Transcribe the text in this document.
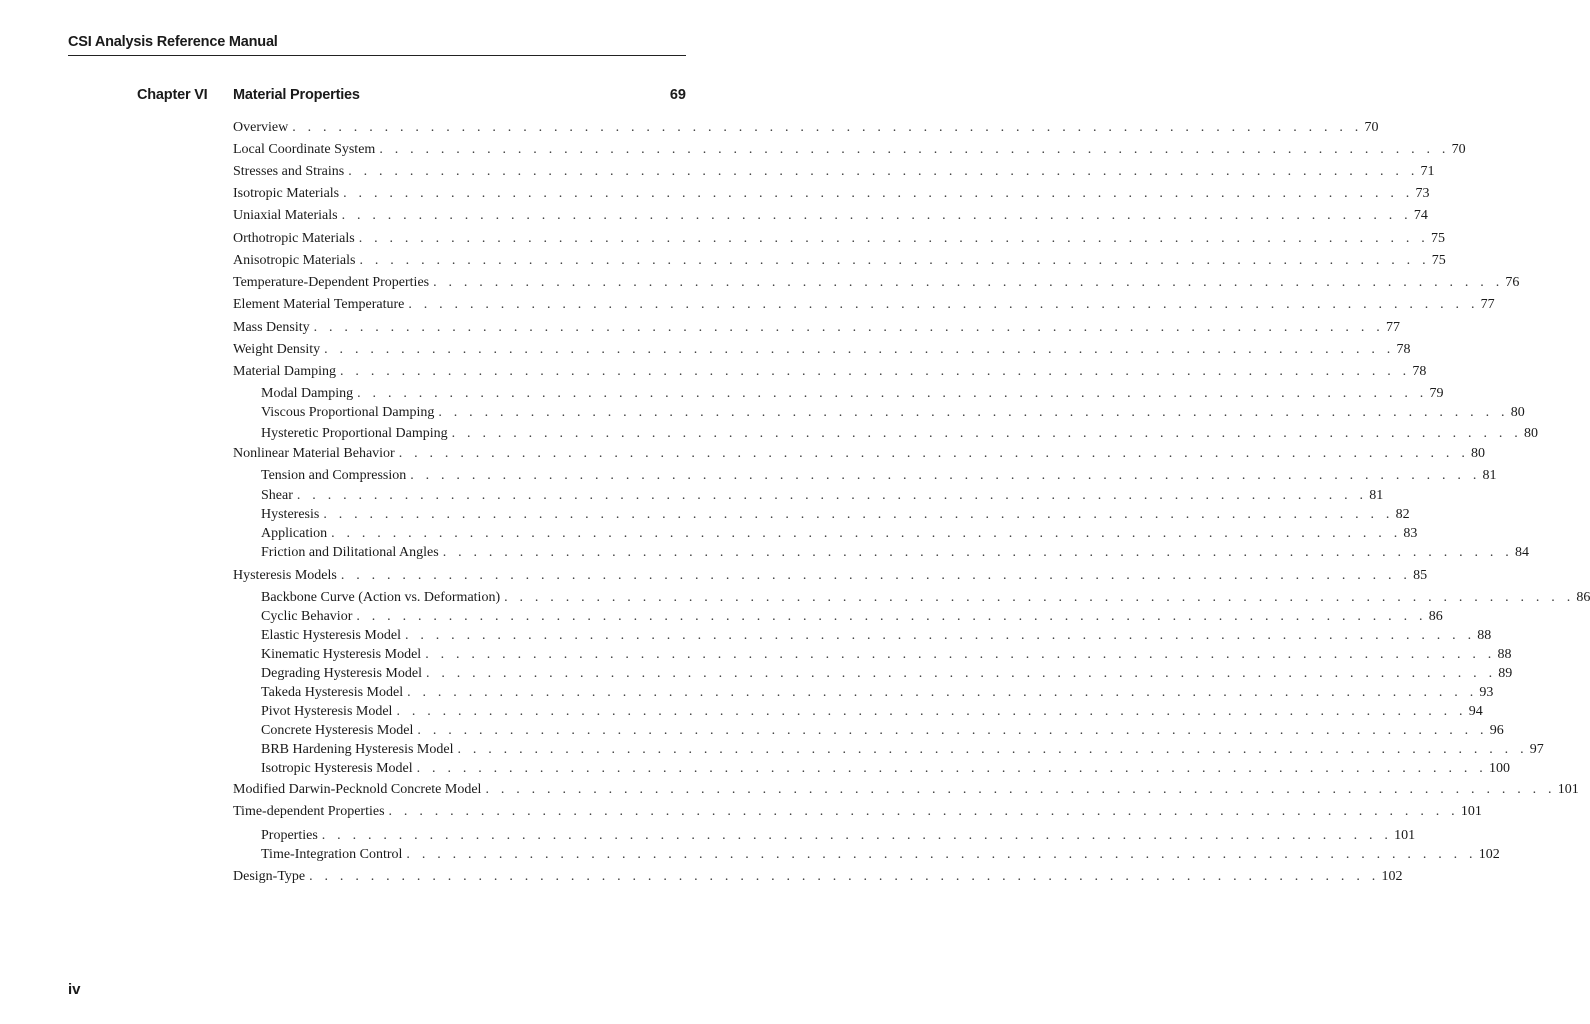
CSI Analysis Reference Manual
Chapter VI Material Properties	69
Overview . . . . . . . . . . . . . . . . . . . . . . . . . . . . . . . . . . . . . . . . . . . . . . . . . . . . . . . . . . . . . . . . . . . . . . 70
Local Coordinate System . . . . . . . . . . . . . . . . . . . . . . . . . . . . . . . . . . . . . . . . . . . . . . . . . . . . . . . . . . . . . . . . . . . . . . 70
Stresses and Strains . . . . . . . . . . . . . . . . . . . . . . . . . . . . . . . . . . . . . . . . . . . . . . . . . . . . . . . . . . . . . . . . . . . . . . 71
Isotropic Materials . . . . . . . . . . . . . . . . . . . . . . . . . . . . . . . . . . . . . . . . . . . . . . . . . . . . . . . . . . . . . . . . . . . . . . 73
Uniaxial Materials . . . . . . . . . . . . . . . . . . . . . . . . . . . . . . . . . . . . . . . . . . . . . . . . . . . . . . . . . . . . . . . . . . . . . . 74
Orthotropic Materials . . . . . . . . . . . . . . . . . . . . . . . . . . . . . . . . . . . . . . . . . . . . . . . . . . . . . . . . . . . . . . . . . . . . . . 75
Anisotropic Materials . . . . . . . . . . . . . . . . . . . . . . . . . . . . . . . . . . . . . . . . . . . . . . . . . . . . . . . . . . . . . . . . . . . . . . 75
Temperature-Dependent Properties . . . . . . . . . . . . . . . . . . . . . . . . . . . . . . . . . . . . . . . . . . . . . . . . . . . . . . . . . . . . . . . . . . . . . . 76
Element Material Temperature . . . . . . . . . . . . . . . . . . . . . . . . . . . . . . . . . . . . . . . . . . . . . . . . . . . . . . . . . . . . . . . . . . . . . . 77
Mass Density . . . . . . . . . . . . . . . . . . . . . . . . . . . . . . . . . . . . . . . . . . . . . . . . . . . . . . . . . . . . . . . . . . . . . . 77
Weight Density . . . . . . . . . . . . . . . . . . . . . . . . . . . . . . . . . . . . . . . . . . . . . . . . . . . . . . . . . . . . . . . . . . . . . . 78
Material Damping . . . . . . . . . . . . . . . . . . . . . . . . . . . . . . . . . . . . . . . . . . . . . . . . . . . . . . . . . . . . . . . . . . . . . . 78
Modal Damping . . . . . . . . . . . . . . . . . . . . . . . . . . . . . . . . . . . . . . . . . . . . . . . . . . . . . . . . . . . . . . . . . . . . . . 79
Viscous Proportional Damping . . . . . . . . . . . . . . . . . . . . . . . . . . . . . . . . . . . . . . . . . . . . . . . . . . . . . . . . . . . . . . . . . . . . . . 80
Hysteretic Proportional Damping . . . . . . . . . . . . . . . . . . . . . . . . . . . . . . . . . . . . . . . . . . . . . . . . . . . . . . . . . . . . . . . . . . . . . . 80
Nonlinear Material Behavior . . . . . . . . . . . . . . . . . . . . . . . . . . . . . . . . . . . . . . . . . . . . . . . . . . . . . . . . . . . . . . . . . . . . . . 80
Tension and Compression . . . . . . . . . . . . . . . . . . . . . . . . . . . . . . . . . . . . . . . . . . . . . . . . . . . . . . . . . . . . . . . . . . . . . . 81
Shear . . . . . . . . . . . . . . . . . . . . . . . . . . . . . . . . . . . . . . . . . . . . . . . . . . . . . . . . . . . . . . . . . . . . . . 81
Hysteresis . . . . . . . . . . . . . . . . . . . . . . . . . . . . . . . . . . . . . . . . . . . . . . . . . . . . . . . . . . . . . . . . . . . . . . 82
Application . . . . . . . . . . . . . . . . . . . . . . . . . . . . . . . . . . . . . . . . . . . . . . . . . . . . . . . . . . . . . . . . . . . . . . 83
Friction and Dilitational Angles . . . . . . . . . . . . . . . . . . . . . . . . . . . . . . . . . . . . . . . . . . . . . . . . . . . . . . . . . . . . . . . . . . . . . . 84
Hysteresis Models . . . . . . . . . . . . . . . . . . . . . . . . . . . . . . . . . . . . . . . . . . . . . . . . . . . . . . . . . . . . . . . . . . . . . . 85
Backbone Curve (Action vs. Deformation) . . . . . . . . . . . . . . . . . . . . . . . . . . . . . . . . . . . . . . . . . . . . . . . . . . . . . . . . . . . . . . . . . . . . . . 86
Cyclic Behavior . . . . . . . . . . . . . . . . . . . . . . . . . . . . . . . . . . . . . . . . . . . . . . . . . . . . . . . . . . . . . . . . . . . . . . 86
Elastic Hysteresis Model . . . . . . . . . . . . . . . . . . . . . . . . . . . . . . . . . . . . . . . . . . . . . . . . . . . . . . . . . . . . . . . . . . . . . . 88
Kinematic Hysteresis Model . . . . . . . . . . . . . . . . . . . . . . . . . . . . . . . . . . . . . . . . . . . . . . . . . . . . . . . . . . . . . . . . . . . . . . 88
Degrading Hysteresis Model . . . . . . . . . . . . . . . . . . . . . . . . . . . . . . . . . . . . . . . . . . . . . . . . . . . . . . . . . . . . . . . . . . . . . . 89
Takeda Hysteresis Model . . . . . . . . . . . . . . . . . . . . . . . . . . . . . . . . . . . . . . . . . . . . . . . . . . . . . . . . . . . . . . . . . . . . . . 93
Pivot Hysteresis Model . . . . . . . . . . . . . . . . . . . . . . . . . . . . . . . . . . . . . . . . . . . . . . . . . . . . . . . . . . . . . . . . . . . . . . 94
Concrete Hysteresis Model . . . . . . . . . . . . . . . . . . . . . . . . . . . . . . . . . . . . . . . . . . . . . . . . . . . . . . . . . . . . . . . . . . . . . . 96
BRB Hardening Hysteresis Model . . . . . . . . . . . . . . . . . . . . . . . . . . . . . . . . . . . . . . . . . . . . . . . . . . . . . . . . . . . . . . . . . . . . . . 97
Isotropic Hysteresis Model . . . . . . . . . . . . . . . . . . . . . . . . . . . . . . . . . . . . . . . . . . . . . . . . . . . . . . . . . . . . . . . . . . . . . . 100
Modified Darwin-Pecknold Concrete Model . . . . . . . . . . . . . . . . . . . . . . . . . . . . . . . . . . . . . . . . . . . . . . . . . . . . . . . . . . . . . . . . . . . . . . 101
Time-dependent Properties . . . . . . . . . . . . . . . . . . . . . . . . . . . . . . . . . . . . . . . . . . . . . . . . . . . . . . . . . . . . . . . . . . . . . . 101
Properties . . . . . . . . . . . . . . . . . . . . . . . . . . . . . . . . . . . . . . . . . . . . . . . . . . . . . . . . . . . . . . . . . . . . . . 101
Time-Integration Control . . . . . . . . . . . . . . . . . . . . . . . . . . . . . . . . . . . . . . . . . . . . . . . . . . . . . . . . . . . . . . . . . . . . . . 102
Design-Type . . . . . . . . . . . . . . . . . . . . . . . . . . . . . . . . . . . . . . . . . . . . . . . . . . . . . . . . . . . . . . . . . . . . . . 102
iv
